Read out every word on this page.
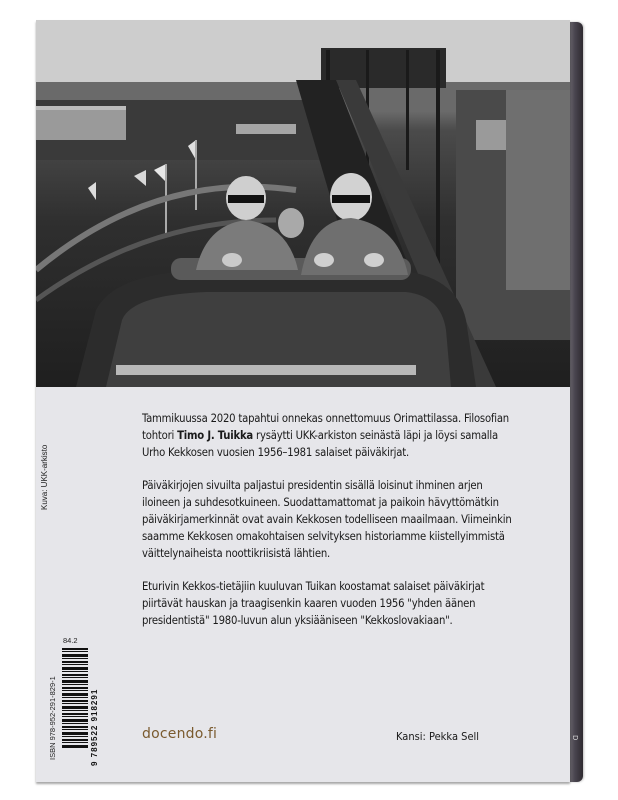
D
Kuva: UKK-arkisto

Tammikuussa 2020 tapahtui onnekas onnettomuus Orimattilassa. Filosofian tohtori Timo J. Tuikka rysäytti UKK-arkiston seinästä läpi ja löysi samalla Urho Kekkosen vuosien 1956–1981 salaiset päiväkirjat.

Päiväkirjojen sivuilta paljastui presidentin sisällä loisinut ihminen arjen iloineen ja suhdesotkuineen. Suodattamattomat ja paikoin hävyttömätkin päiväkirjamerkinnät ovat avain Kekkosen todelliseen maailmaan. Viimeinkin saamme Kekkosen omakohtaisen selvityksen historiamme kiistellyimmistä väittelynaiheista noottikriisistä lähtien.

Eturivin Kekkos-tietäjiin kuuluvan Tuikan koostamat salaiset päiväkirjat piirtävät hauskan ja traagisenkin kaaren vuoden 1956 "yhden äänen presidentistä" 1980-luvun alun yksiääniseen "Kekkoslovakiaan".

84.2
ISBN 978-952-291-829-1	9 789522 918291	docendo.fi	Kansi: Pekka Sell
